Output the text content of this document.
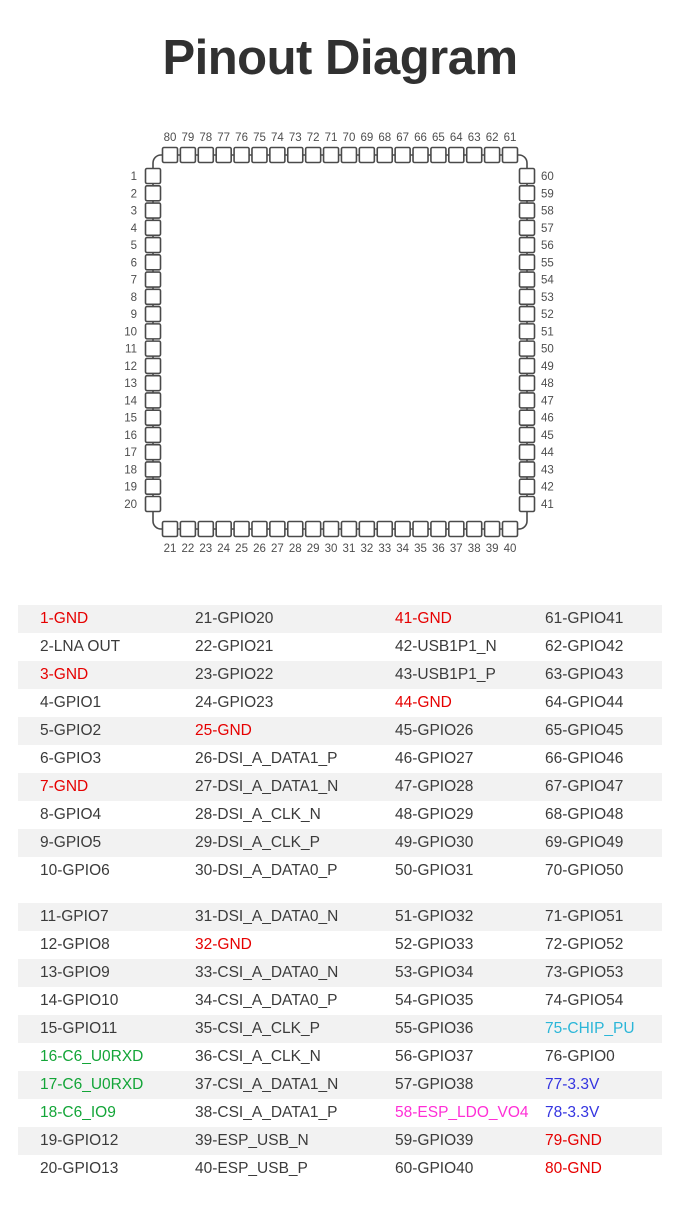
Pinout Diagram
80 79 78 77 76 75 74 73 72 71 70 69 68 67 66 65 64 63 62 61
21 22 23 24 25 26 27 28 29 30 31 32 33 34 35 36 37 38 39 40
1
2
3
4
5
6
7
8
9
10
11
12
13
14
15
16
17
18
19
20
60
59
58
57
56
55
54
53
52
51
50
49
48
47
46
45
44
43
42
41
1-GND	21-GPIO20	41-GND	61-GPIO41
2-LNA OUT	22-GPIO21	42-USB1P1_N	62-GPIO42
3-GND	23-GPIO22	43-USB1P1_P	63-GPIO43
4-GPIO1	24-GPIO23	44-GND	64-GPIO44
5-GPIO2	25-GND	45-GPIO26	65-GPIO45
6-GPIO3	26-DSI_A_DATA1_P	46-GPIO27	66-GPIO46
7-GND	27-DSI_A_DATA1_N	47-GPIO28	67-GPIO47
8-GPIO4	28-DSI_A_CLK_N	48-GPIO29	68-GPIO48
9-GPIO5	29-DSI_A_CLK_P	49-GPIO30	69-GPIO49
10-GPIO6	30-DSI_A_DATA0_P	50-GPIO31	70-GPIO50
11-GPIO7	31-DSI_A_DATA0_N	51-GPIO32	71-GPIO51
12-GPIO8	32-GND	52-GPIO33	72-GPIO52
13-GPIO9	33-CSI_A_DATA0_N	53-GPIO34	73-GPIO53
14-GPIO10	34-CSI_A_DATA0_P	54-GPIO35	74-GPIO54
15-GPIO11	35-CSI_A_CLK_P	55-GPIO36	75-CHIP_PU
16-C6_U0RXD	36-CSI_A_CLK_N	56-GPIO37	76-GPIO0
17-C6_U0RXD	37-CSI_A_DATA1_N	57-GPIO38	77-3.3V
18-C6_IO9	38-CSI_A_DATA1_P	58-ESP_LDO_VO4	78-3.3V
19-GPIO12	39-ESP_USB_N	59-GPIO39	79-GND
20-GPIO13	40-ESP_USB_P	60-GPIO40	80-GND
